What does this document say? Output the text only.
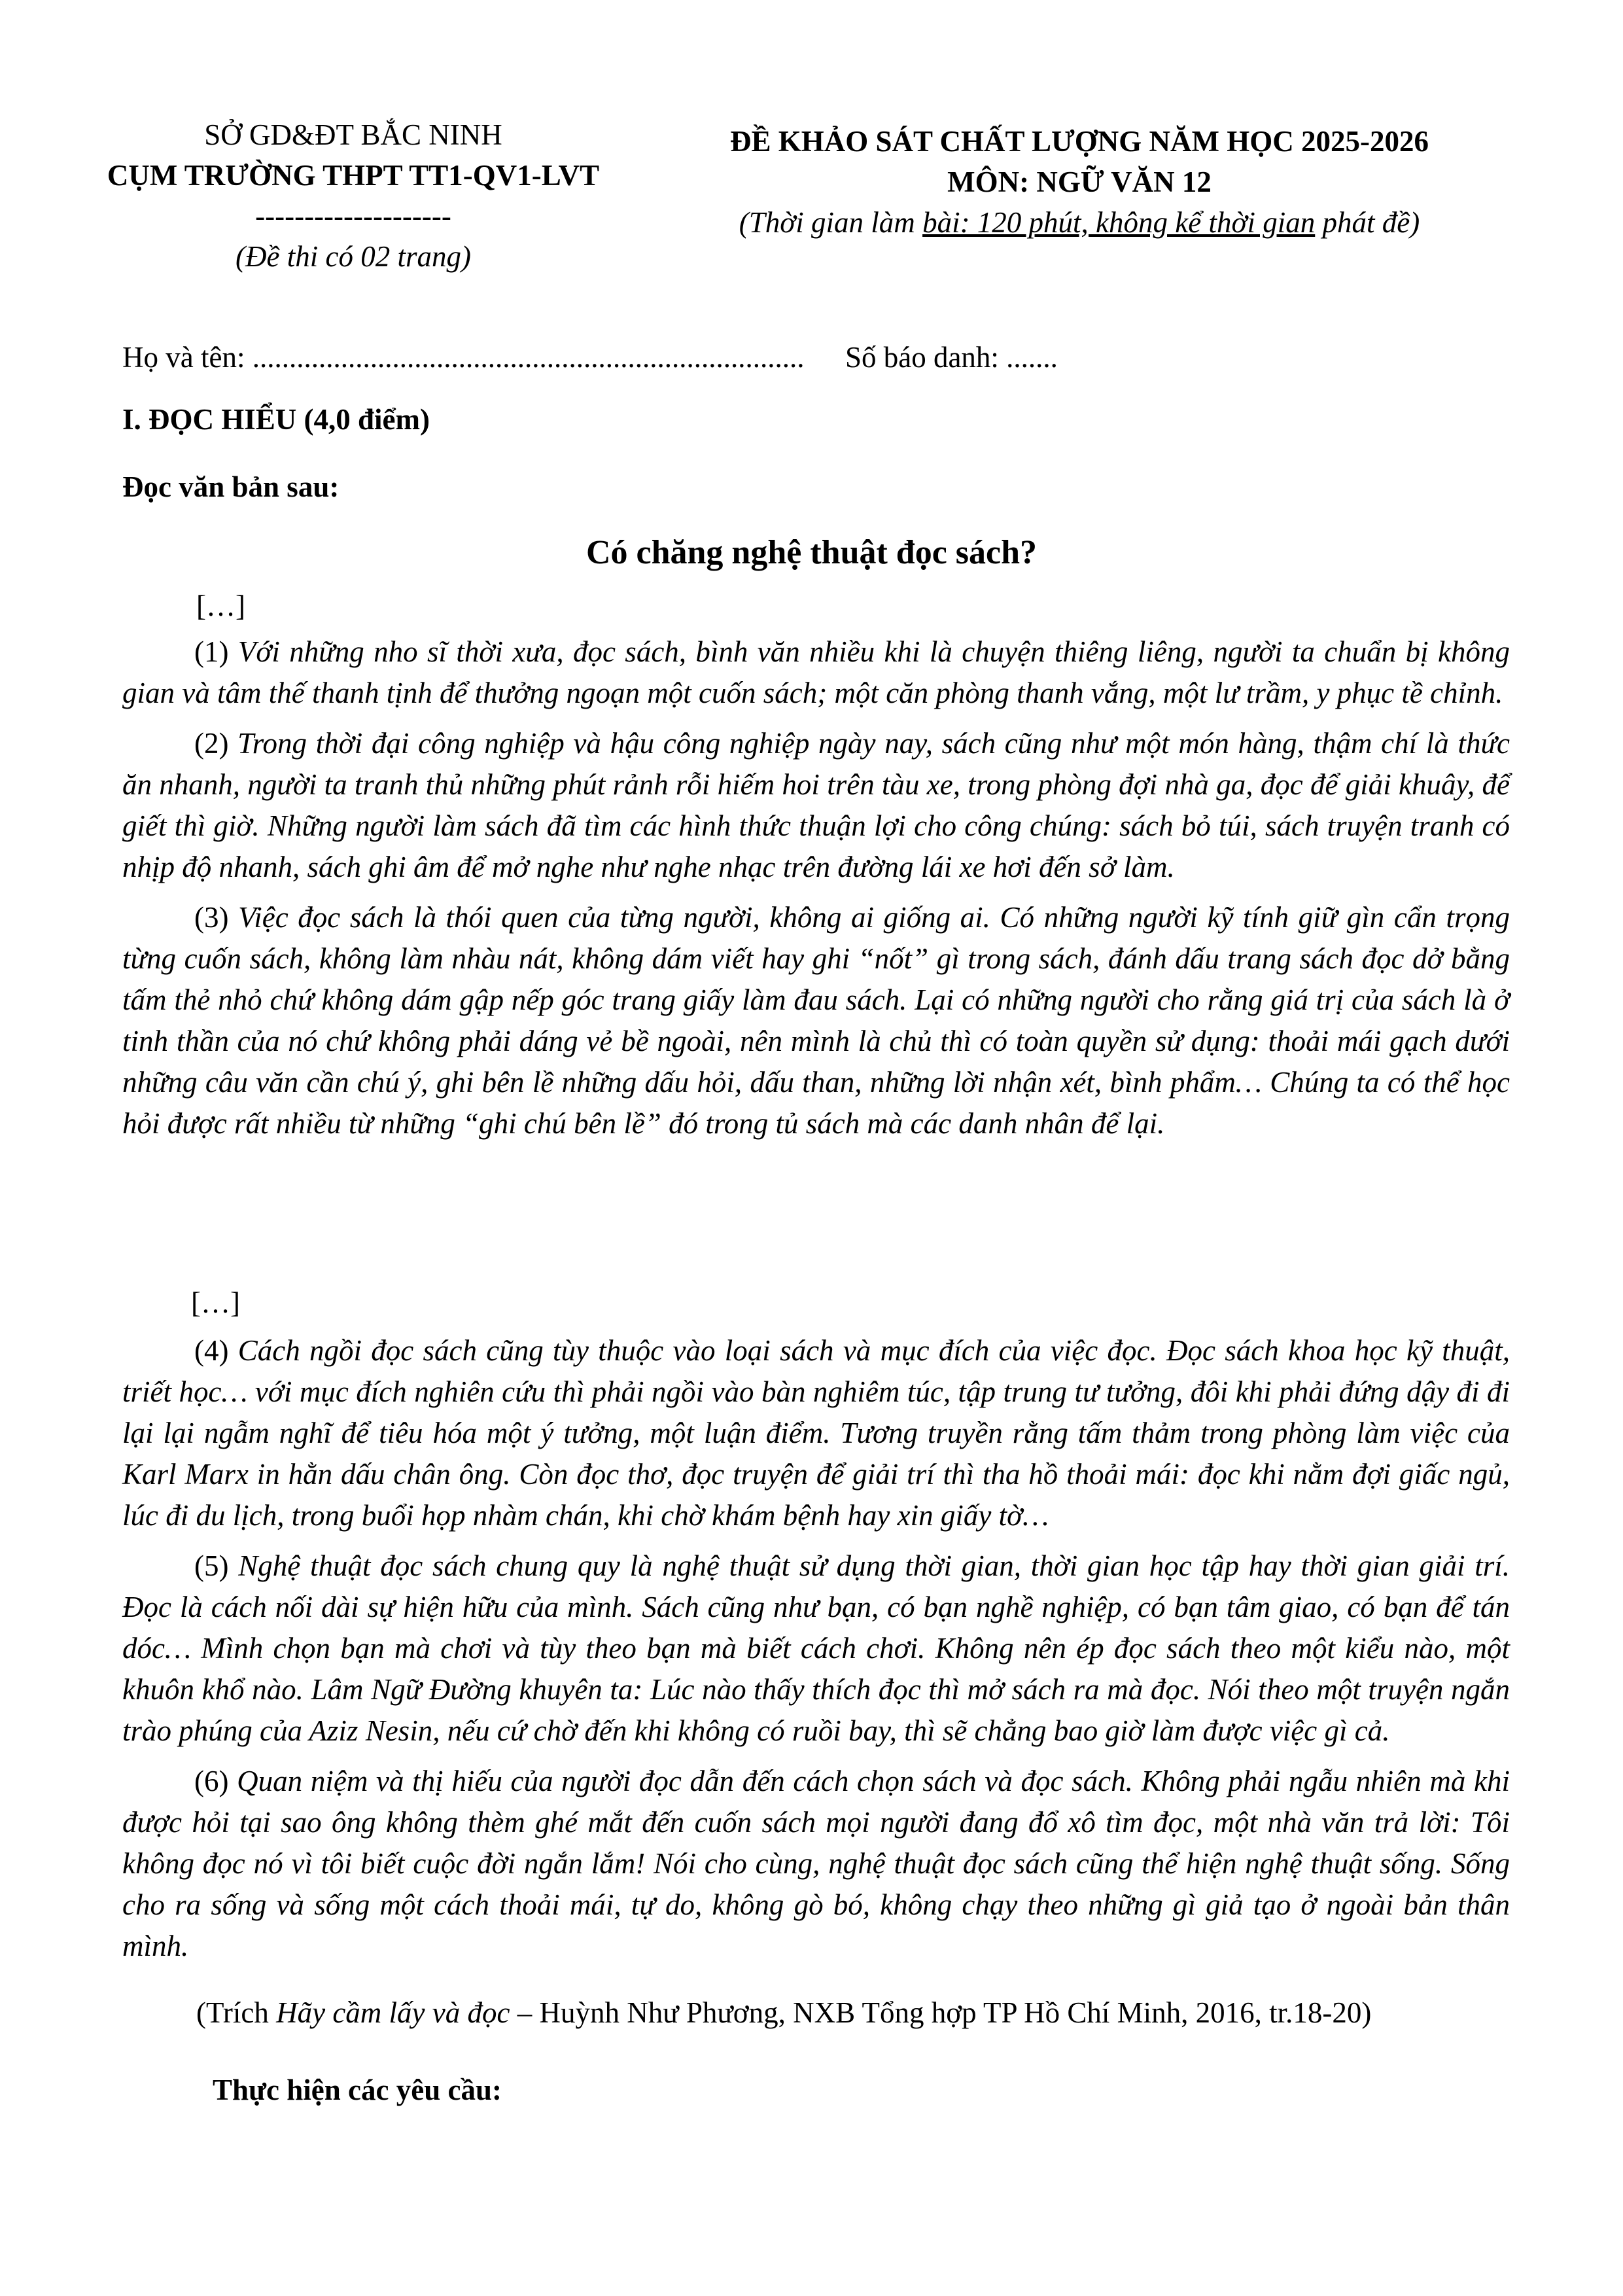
SỞ GD&ĐT BẮC NINH
CỤM TRƯỜNG THPT TT1-QV1-LVT
--------------------
(Đề thi có 02 trang)
ĐỀ KHẢO SÁT CHẤT LƯỢNG NĂM HỌC 2025-2026
MÔN: NGỮ VĂN 12
(Thời gian làm bài: 120 phút, không kể thời gian phát đề)
Họ và tên: ........................................................................... Số báo danh: .......
I. ĐỌC HIỂU (4,0 điểm)
Đọc văn bản sau:
Có chăng nghệ thuật đọc sách?
[…]

(1) Với những nho sĩ thời xưa, đọc sách, bình văn nhiều khi là chuyện thiêng liêng, người ta chuẩn bị không gian và tâm thế thanh tịnh để thưởng ngoạn một cuốn sách; một căn phòng thanh vắng, một lư trầm, y phục tề chỉnh.

(2) Trong thời đại công nghiệp và hậu công nghiệp ngày nay, sách cũng như một món hàng, thậm chí là thức ăn nhanh, người ta tranh thủ những phút rảnh rỗi hiếm hoi trên tàu xe, trong phòng đợi nhà ga, đọc để giải khuây, để giết thì giờ. Những người làm sách đã tìm các hình thức thuận lợi cho công chúng: sách bỏ túi, sách truyện tranh có nhịp độ nhanh, sách ghi âm để mở nghe như nghe nhạc trên đường lái xe hơi đến sở làm.

(3) Việc đọc sách là thói quen của từng người, không ai giống ai. Có những người kỹ tính giữ gìn cẩn trọng từng cuốn sách, không làm nhàu nát, không dám viết hay ghi “nốt” gì trong sách, đánh dấu trang sách đọc dở bằng tấm thẻ nhỏ chứ không dám gập nếp góc trang giấy làm đau sách. Lại có những người cho rằng giá trị của sách là ở tinh thần của nó chứ không phải dáng vẻ bề ngoài, nên mình là chủ thì có toàn quyền sử dụng: thoải mái gạch dưới những câu văn cần chú ý, ghi bên lề những dấu hỏi, dấu than, những lời nhận xét, bình phẩm… Chúng ta có thể học hỏi được rất nhiều từ những “ghi chú bên lề” đó trong tủ sách mà các danh nhân để lại.

[…]

(4) Cách ngồi đọc sách cũng tùy thuộc vào loại sách và mục đích của việc đọc. Đọc sách khoa học kỹ thuật, triết học… với mục đích nghiên cứu thì phải ngồi vào bàn nghiêm túc, tập trung tư tưởng, đôi khi phải đứng dậy đi đi lại lại ngẫm nghĩ để tiêu hóa một ý tưởng, một luận điểm. Tương truyền rằng tấm thảm trong phòng làm việc của Karl Marx in hằn dấu chân ông. Còn đọc thơ, đọc truyện để giải trí thì tha hồ thoải mái: đọc khi nằm đợi giấc ngủ, lúc đi du lịch, trong buổi họp nhàm chán, khi chờ khám bệnh hay xin giấy tờ…

(5) Nghệ thuật đọc sách chung quy là nghệ thuật sử dụng thời gian, thời gian học tập hay thời gian giải trí. Đọc là cách nối dài sự hiện hữu của mình. Sách cũng như bạn, có bạn nghề nghiệp, có bạn tâm giao, có bạn để tán dóc… Mình chọn bạn mà chơi và tùy theo bạn mà biết cách chơi. Không nên ép đọc sách theo một kiểu nào, một khuôn khổ nào. Lâm Ngữ Đường khuyên ta: Lúc nào thấy thích đọc thì mở sách ra mà đọc. Nói theo một truyện ngắn trào phúng của Aziz Nesin, nếu cứ chờ đến khi không có ruồi bay, thì sẽ chẳng bao giờ làm được việc gì cả.

(6) Quan niệm và thị hiếu của người đọc dẫn đến cách chọn sách và đọc sách. Không phải ngẫu nhiên mà khi được hỏi tại sao ông không thèm ghé mắt đến cuốn sách mọi người đang đổ xô tìm đọc, một nhà văn trả lời: Tôi không đọc nó vì tôi biết cuộc đời ngắn lắm! Nói cho cùng, nghệ thuật đọc sách cũng thể hiện nghệ thuật sống. Sống cho ra sống và sống một cách thoải mái, tự do, không gò bó, không chạy theo những gì giả tạo ở ngoài bản thân mình.

(Trích Hãy cầm lấy và đọc – Huỳnh Như Phương, NXB Tổng hợp TP Hồ Chí Minh, 2016, tr.18-20)
Thực hiện các yêu cầu:
